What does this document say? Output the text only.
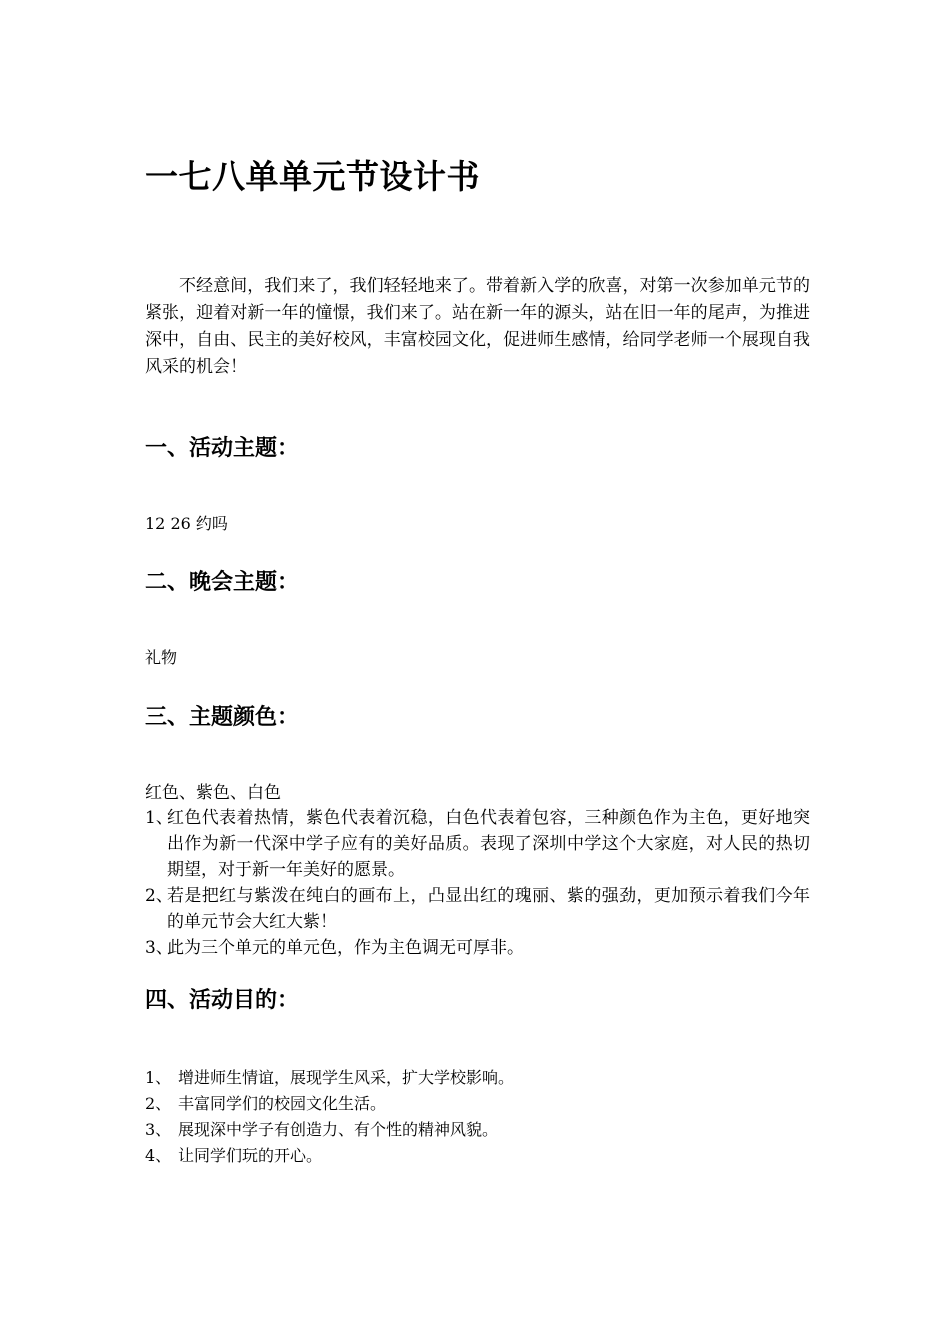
一七八单单元节设计书

不经意间，我们来了，我们轻轻地来了。带着新入学的欣喜，对第一次参加单元节的紧张，迎着对新一年的憧憬，我们来了。站在新一年的源头，站在旧一年的尾声，为推进深中，自由、民主的美好校风，丰富校园文化，促进师生感情，给同学老师一个展现自我风采的机会！

一、活动主题：

12 26 约吗

二、晚会主题：

礼物

三、主题颜色：

红色、紫色、白色

1、
红色代表着热情，紫色代表着沉稳，白色代表着包容，三种颜色作为主色，更好地突出作为新一代深中学子应有的美好品质。表现了深圳中学这个大家庭，对人民的热切期望，对于新一年美好的愿景。
2、
若是把红与紫泼在纯白的画布上，凸显出红的瑰丽、紫的强劲，更加预示着我们今年的单元节会大红大紫！
3、
此为三个单元的单元色，作为主色调无可厚非。
四、活动目的：
1、 增进师生情谊，展现学生风采，扩大学校影响。
2、 丰富同学们的校园文化生活。
3、 展现深中学子有创造力、有个性的精神风貌。
4、 让同学们玩的开心。
